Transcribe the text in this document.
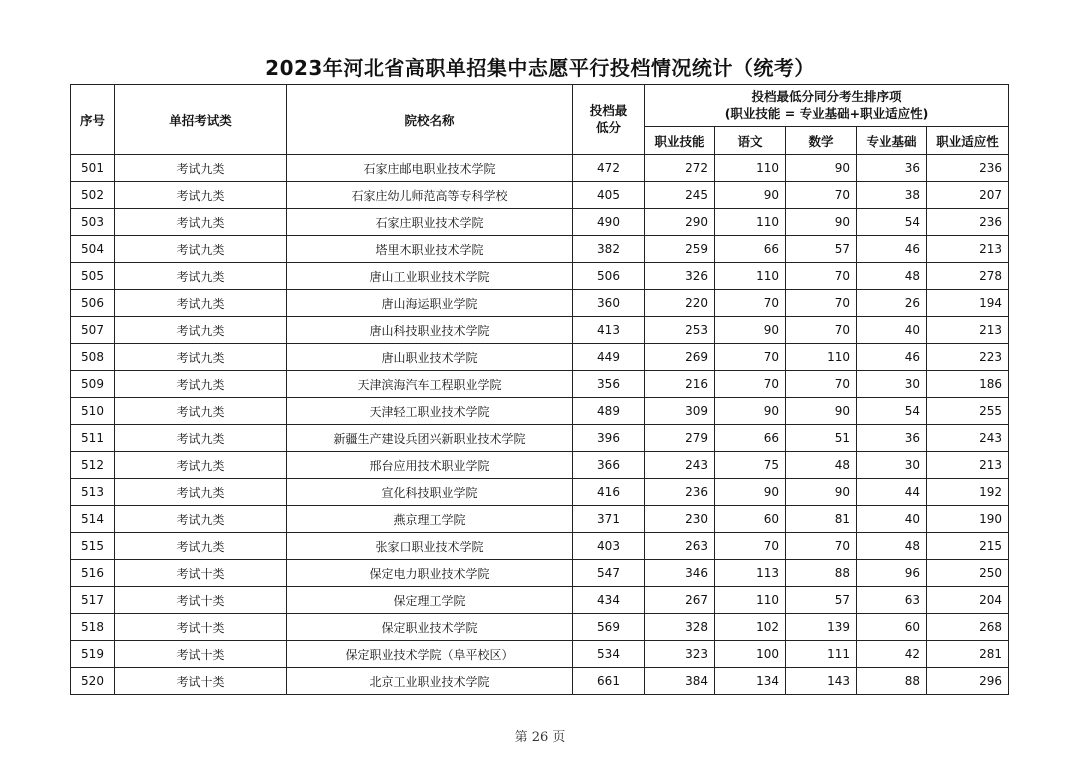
2023年河北省高职单招集中志愿平行投档情况统计（统考）
序号	单招考试类	院校名称	投档最低分	投档最低分同分考生排序项
(职业技能 = 专业基础+职业适应性)				

				职业技能	语文	数学	专业基础	职业适应性
501	考试九类	石家庄邮电职业技术学院	472	272	110	90	36	236
502	考试九类	石家庄幼儿师范高等专科学校	405	245	90	70	38	207
503	考试九类	石家庄职业技术学院	490	290	110	90	54	236
504	考试九类	塔里木职业技术学院	382	259	66	57	46	213
505	考试九类	唐山工业职业技术学院	506	326	110	70	48	278
506	考试九类	唐山海运职业学院	360	220	70	70	26	194
507	考试九类	唐山科技职业技术学院	413	253	90	70	40	213
508	考试九类	唐山职业技术学院	449	269	70	110	46	223
509	考试九类	天津滨海汽车工程职业学院	356	216	70	70	30	186
510	考试九类	天津轻工职业技术学院	489	309	90	90	54	255
511	考试九类	新疆生产建设兵团兴新职业技术学院	396	279	66	51	36	243
512	考试九类	邢台应用技术职业学院	366	243	75	48	30	213
513	考试九类	宣化科技职业学院	416	236	90	90	44	192
514	考试九类	燕京理工学院	371	230	60	81	40	190
515	考试九类	张家口职业技术学院	403	263	70	70	48	215
516	考试十类	保定电力职业技术学院	547	346	113	88	96	250
517	考试十类	保定理工学院	434	267	110	57	63	204
518	考试十类	保定职业技术学院	569	328	102	139	60	268
519	考试十类	保定职业技术学院（阜平校区）	534	323	100	111	42	281
520	考试十类	北京工业职业技术学院	661	384	134	143	88	296
第 26 页
